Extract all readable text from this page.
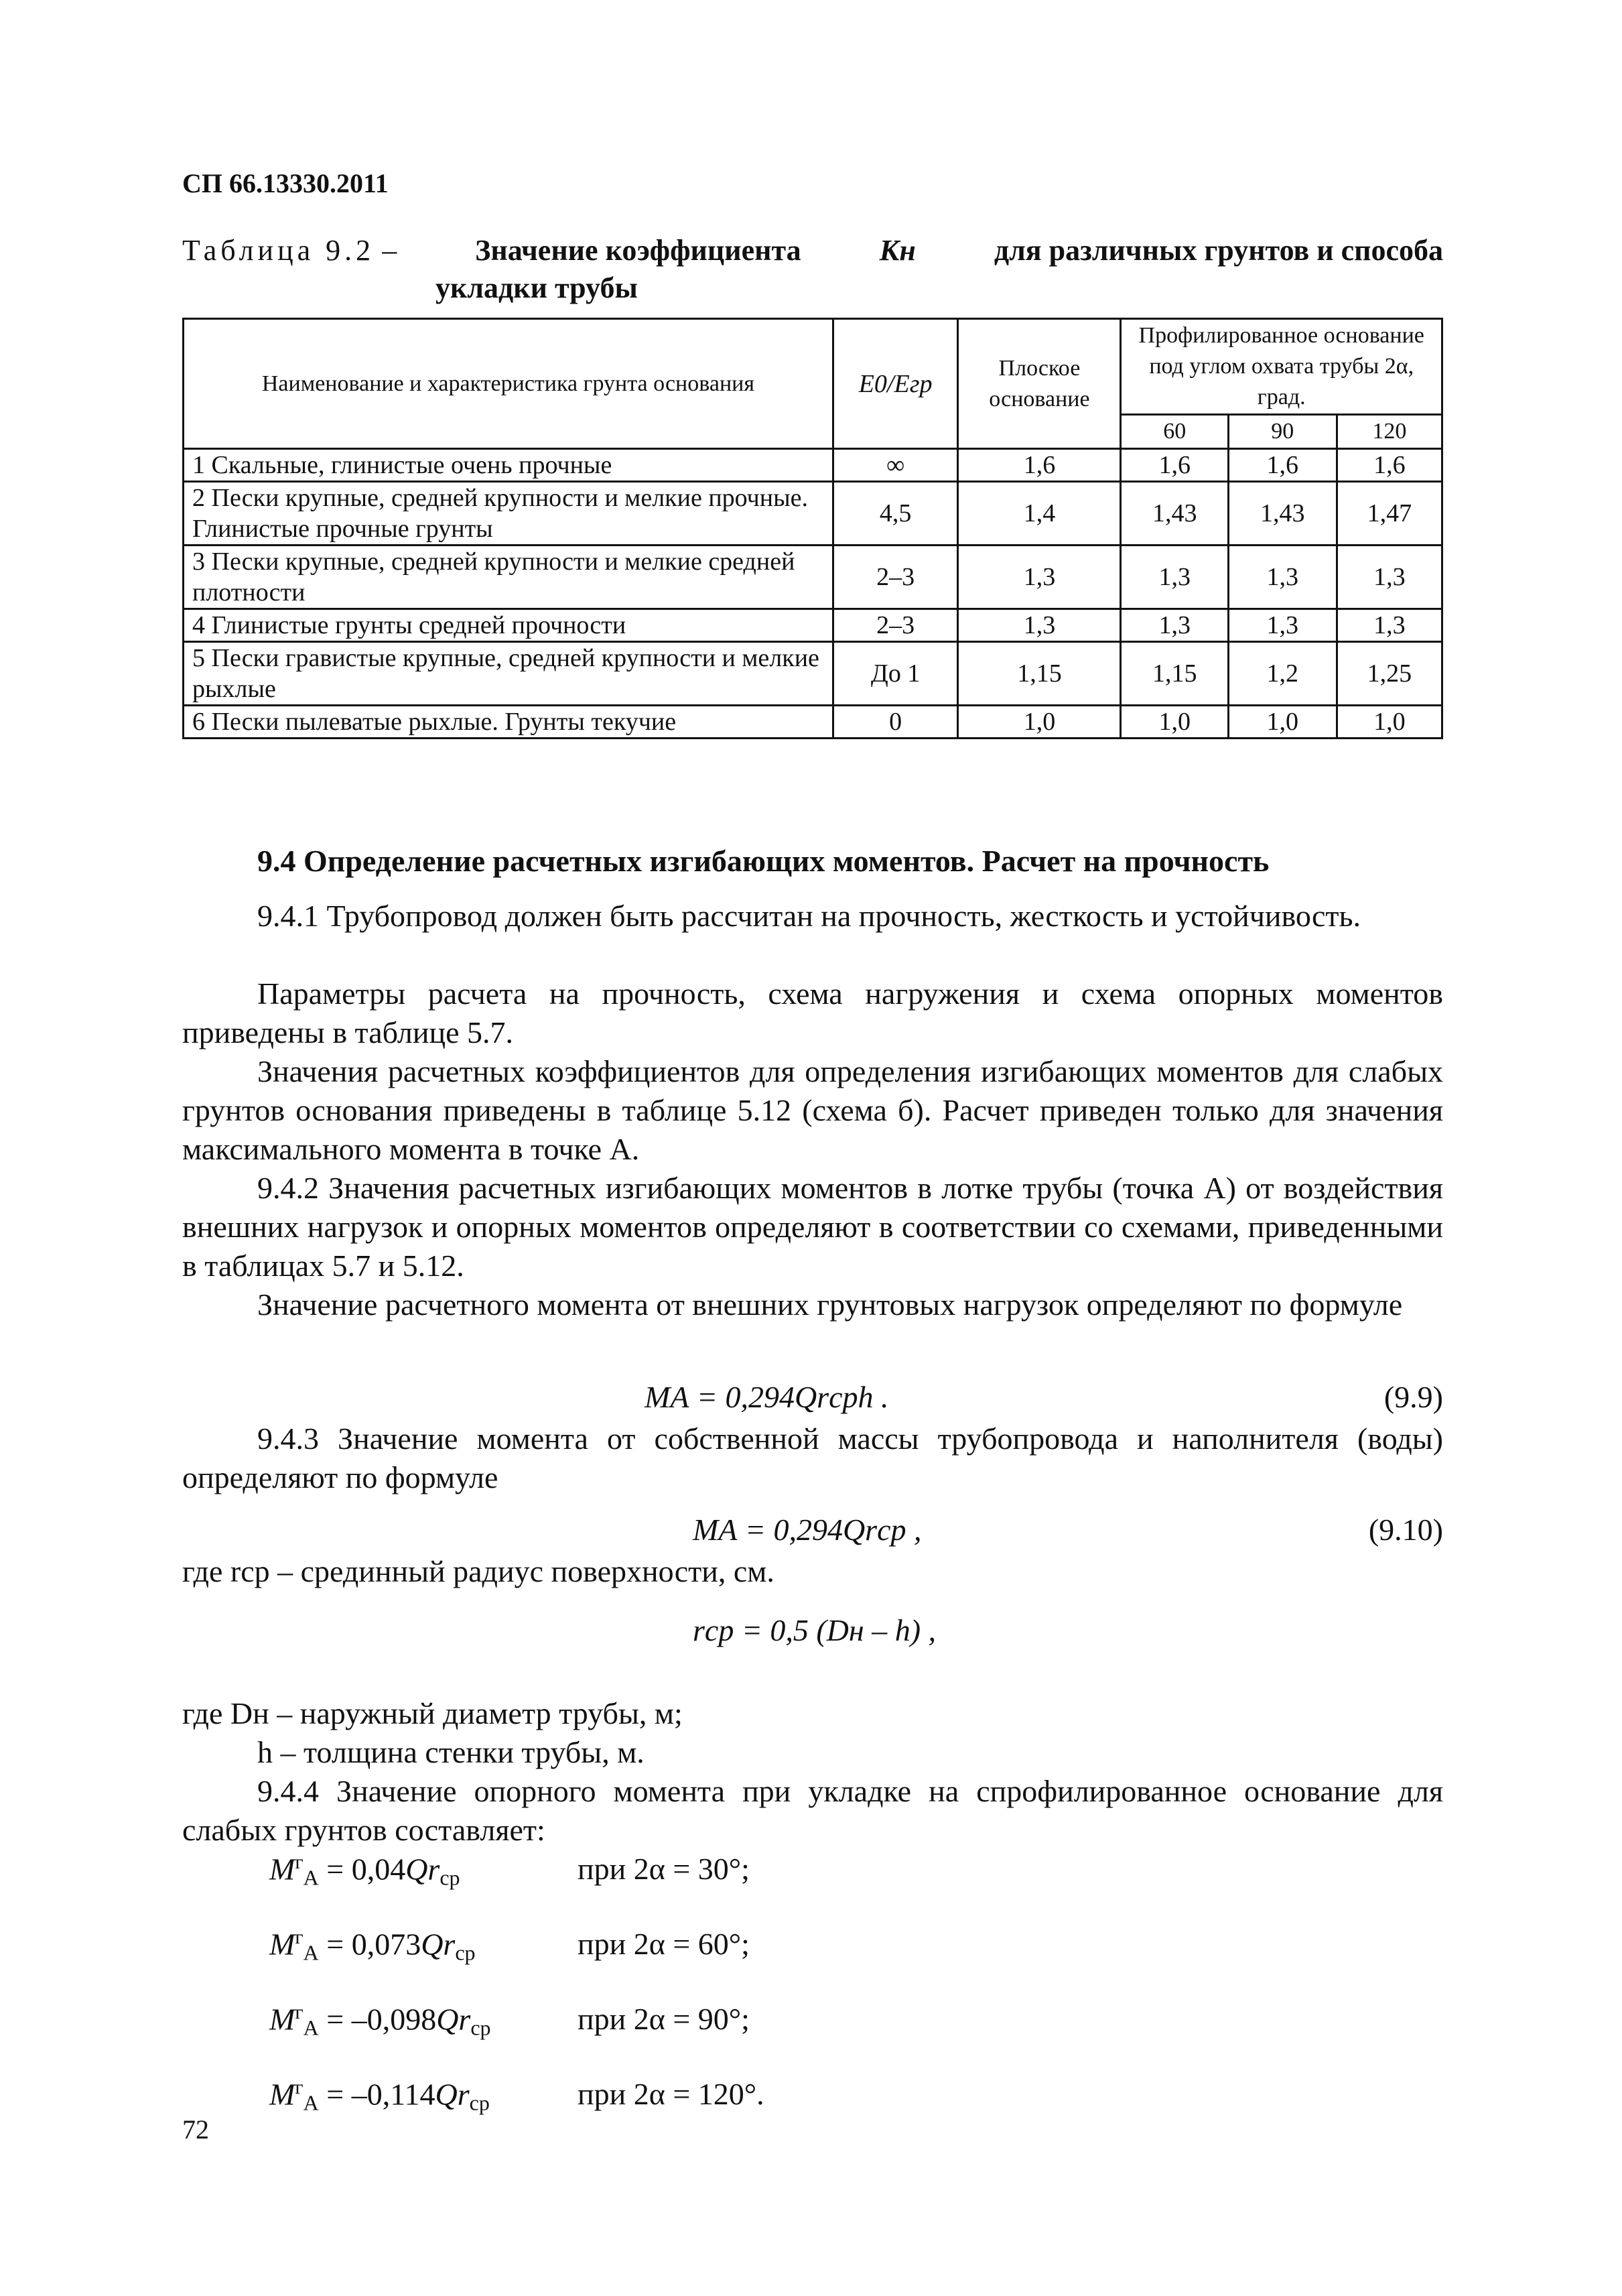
СП 66.13330.2011
Таблица 9.2 –	Значение коэффициента	Кн	для различных грунтов и способа
укладки трубы
Наименование и характеристика грунта основания	E0/Eгр	Плоское основание	Профилированное основание под углом охвата трубы 2α, град.		
			60	90	120
1 Скальные, глинистые очень прочные	∞	1,6	1,6	1,6	1,6
2 Пески крупные, средней крупности и мелкие прочные. Глинистые прочные грунты	4,5	1,4	1,43	1,43	1,47
3 Пески крупные, средней крупности и мелкие средней плотности	2–3	1,3	1,3	1,3	1,3
4 Глинистые грунты средней прочности	2–3	1,3	1,3	1,3	1,3
5 Пески гравистые крупные, средней крупности и мелкие рыхлые	До 1	1,15	1,15	1,2	1,25
6 Пески пылеватые рыхлые. Грунты текучие	0	1,0	1,0	1,0	1,0
9.4 Определение расчетных изгибающих моментов. Расчет на прочность
9.4.1 Трубопровод должен быть рассчитан на прочность, жесткость и устойчивость.
Параметры расчета на прочность, схема нагружения и схема опорных моментов приведены в таблице 5.7.
Значения расчетных коэффициентов для определения изгибающих моментов для слабых грунтов основания приведены в таблице 5.12 (схема б). Расчет приведен только для значения максимального момента в точке А.
9.4.2 Значения расчетных изгибающих моментов в лотке трубы (точка А) от воздействия внешних нагрузок и опорных моментов определяют в соответствии со схемами, приведенными в таблицах 5.7 и 5.12.
Значение расчетного момента от внешних грунтовых нагрузок определяют по формуле
MА = 0,294Qrсрh .	(9.9)
9.4.3 Значение момента от собственной массы трубопровода и наполнителя (воды) определяют по формуле
MА = 0,294Qrср ,	(9.10)
где rср – срединный радиус поверхности, см.
rср = 0,5 (Dн – h) ,
где Dн – наружный диаметр трубы, м;
h – толщина стенки трубы, м.
9.4.4 Значение опорного момента при укладке на спрофилированное основание для слабых грунтов составляет:
$M^г_А = 0,04Qr_{ср}$	при 2α = 30°;
$M^г_А = 0,073Qr_{ср}$	при 2α = 60°;
$M^г_А = -0,098Qr_{ср}$	при 2α = 90°;
$M^г_А = -0,114Qr_{ср}$	при 2α = 120°.
72
